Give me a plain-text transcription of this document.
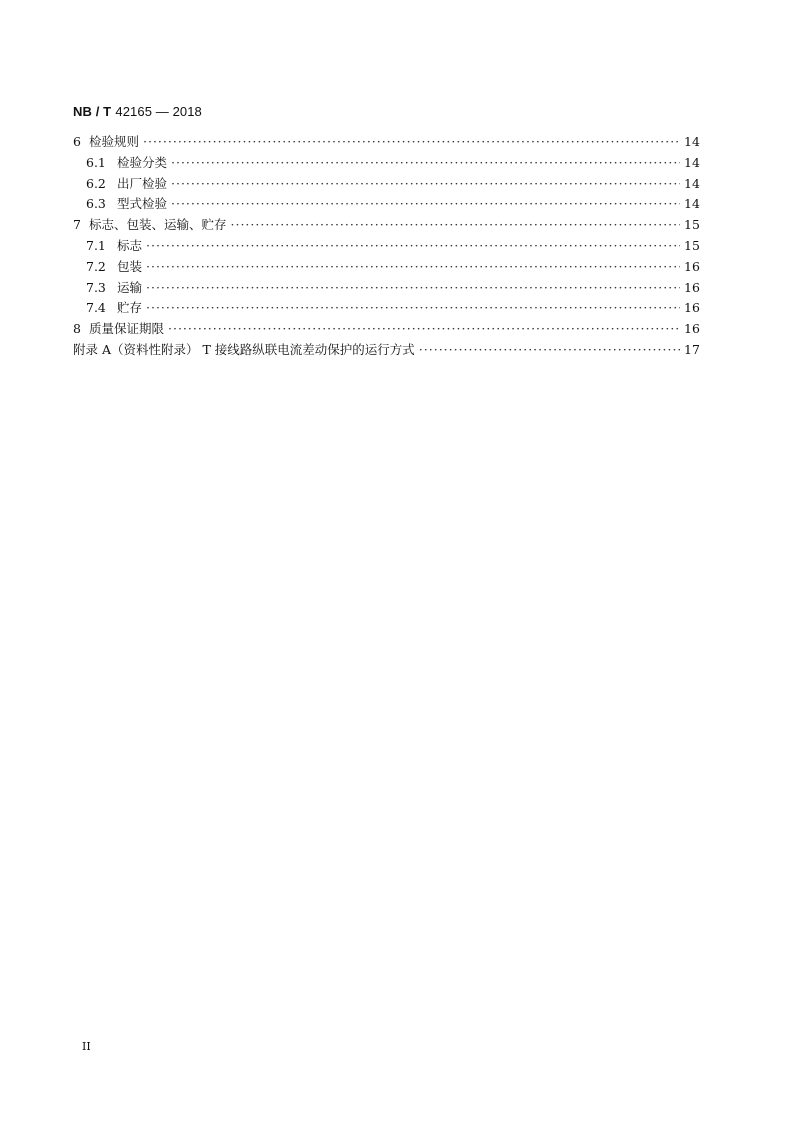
NB / T 42165 — 2018
6 检验规则 ·····	14
6.1 检验分类 ·····	14
6.2 出厂检验 ·····	14
6.3 型式检验 ·····	14
7 标志、包装、运输、贮存 ·····	15
7.1 标志 ·····	15
7.2 包装 ·····	16
7.3 运输 ·····	16
7.4 贮存 ·····	16
8 质量保证期限 ·····	16
附录 A（资料性附录） T 接线路纵联电流差动保护的运行方式 ·····	17
II
